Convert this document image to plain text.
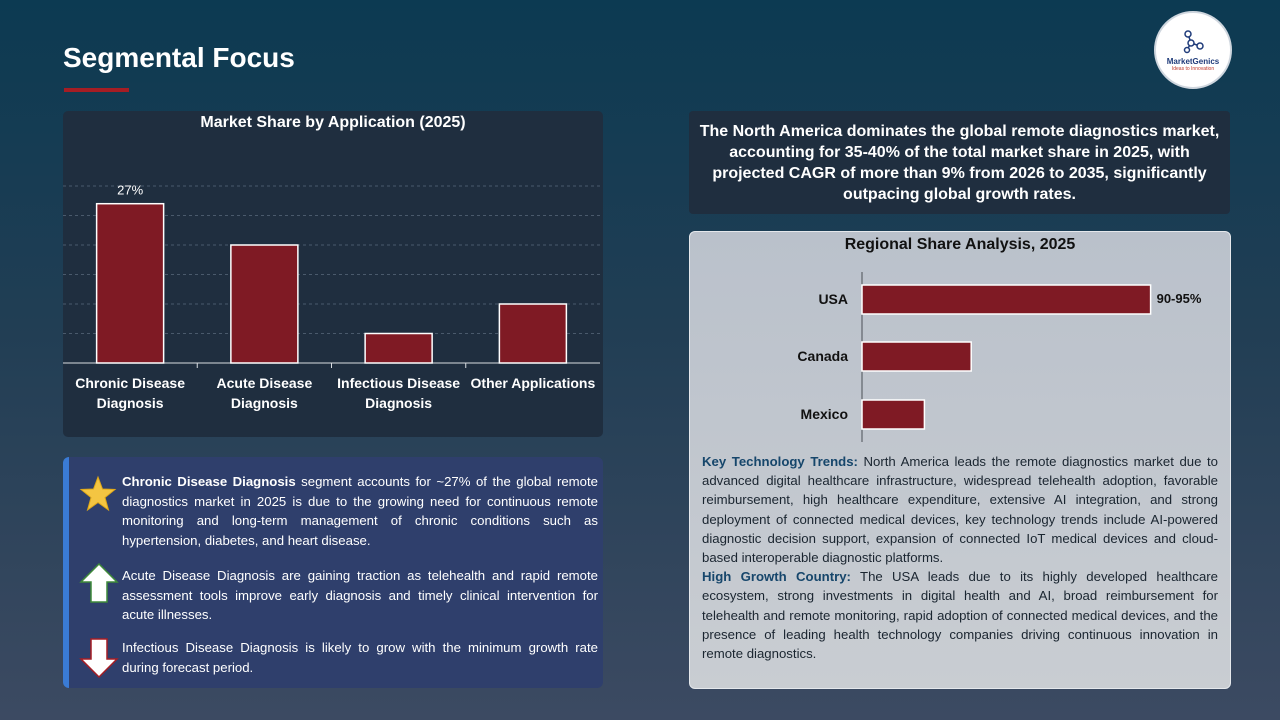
Segmental Focus	MarketGenics
Ideas to Innovation
27%
Market Share by Application (2025)
Chronic Disease
Diagnosis
Acute Disease
Diagnosis
Infectious Disease
Diagnosis
Other Applications
The North America dominates the global remote diagnostics market, accounting for 35-40% of the total market share in 2025, with projected CAGR of more than 9% from 2026 to 2035, significantly outpacing global growth rates.
Regional Share Analysis, 2025
USA	90-95%
Canada
Mexico
Key Technology Trends: North America leads the remote diagnostics market due to advanced digital healthcare infrastructure, widespread telehealth adoption, favorable reimbursement, high healthcare expenditure, extensive AI integration, and strong deployment of connected medical devices, key technology trends include AI-powered diagnostic decision support, expansion of connected IoT medical devices and cloud-based interoperable diagnostic platforms.
High Growth Country: The USA leads due to its highly developed healthcare ecosystem, strong investments in digital health and AI, broad reimbursement for telehealth and remote monitoring, rapid adoption of connected medical devices, and the presence of leading health technology companies driving continuous innovation in remote diagnostics.
Chronic Disease Diagnosis segment accounts for ~27% of the global remote diagnostics market in 2025 is due to the growing need for continuous remote monitoring and long-term management of chronic conditions such as hypertension, diabetes, and heart disease.
Acute Disease Diagnosis are gaining traction as telehealth and rapid remote assessment tools improve early diagnosis and timely clinical intervention for acute illnesses.
Infectious Disease Diagnosis is likely to grow with the minimum growth rate during forecast period.
